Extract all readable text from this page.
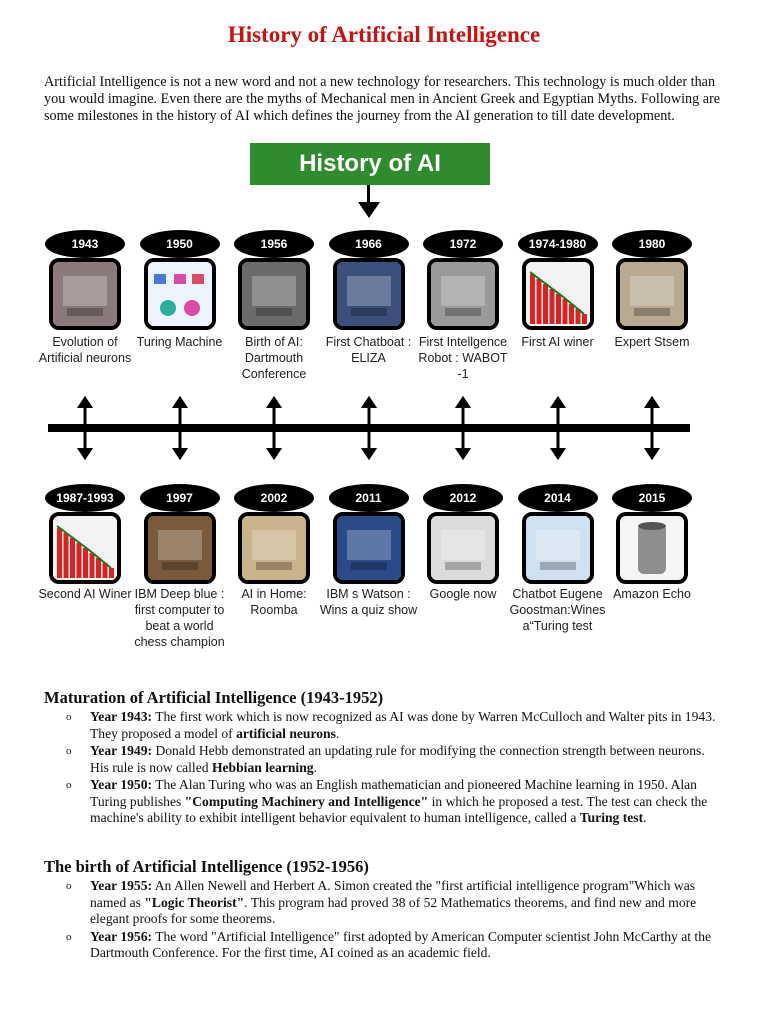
History of Artificial Intelligence
Artificial Intelligence is not a new word and not a new technology for researchers. This technology is much older than you would imagine. Even there are the myths of Mechanical men in Ancient Greek and Egyptian Myths. Following are some milestones in the history of AI which defines the journey from the AI generation to till date development.
History of AI
1943
Evolution of Artificial neurons
1950
Turing Machine
1956
Birth of AI: Dartmouth Conference
1966
First Chatboat : ELIZA
1972
First Intellgence Robot : WABOT -1
1974-1980
First AI winer
1980
Expert Stsem
1987-1993
Second AI Winer
1997
IBM Deep blue : first computer to beat a world chess champion
2002
AI in Home: Roomba
2011
IBM s Watson : Wins a quiz show
2012
Google now
2014
Chatbot Eugene Goostman:Wines a“Turing test
2015
Amazon Echo
Maturation of Artificial Intelligence (1943-1952)
o Year 1943: The first work which is now recognized as AI was done by Warren McCulloch and Walter pits in 1943. They proposed a model of artificial neurons.
o Year 1949: Donald Hebb demonstrated an updating rule for modifying the connection strength between neurons. His rule is now called Hebbian learning.
o Year 1950: The Alan Turing who was an English mathematician and pioneered Machine learning in 1950. Alan Turing publishes "Computing Machinery and Intelligence" in which he proposed a test. The test can check the machine's ability to exhibit intelligent behavior equivalent to human intelligence, called a Turing test.
The birth of Artificial Intelligence (1952-1956)
o Year 1955: An Allen Newell and Herbert A. Simon created the "first artificial intelligence program"Which was named as "Logic Theorist". This program had proved 38 of 52 Mathematics theorems, and find new and more elegant proofs for some theorems.
o Year 1956: The word "Artificial Intelligence" first adopted by American Computer scientist John McCarthy at the Dartmouth Conference. For the first time, AI coined as an academic field.
